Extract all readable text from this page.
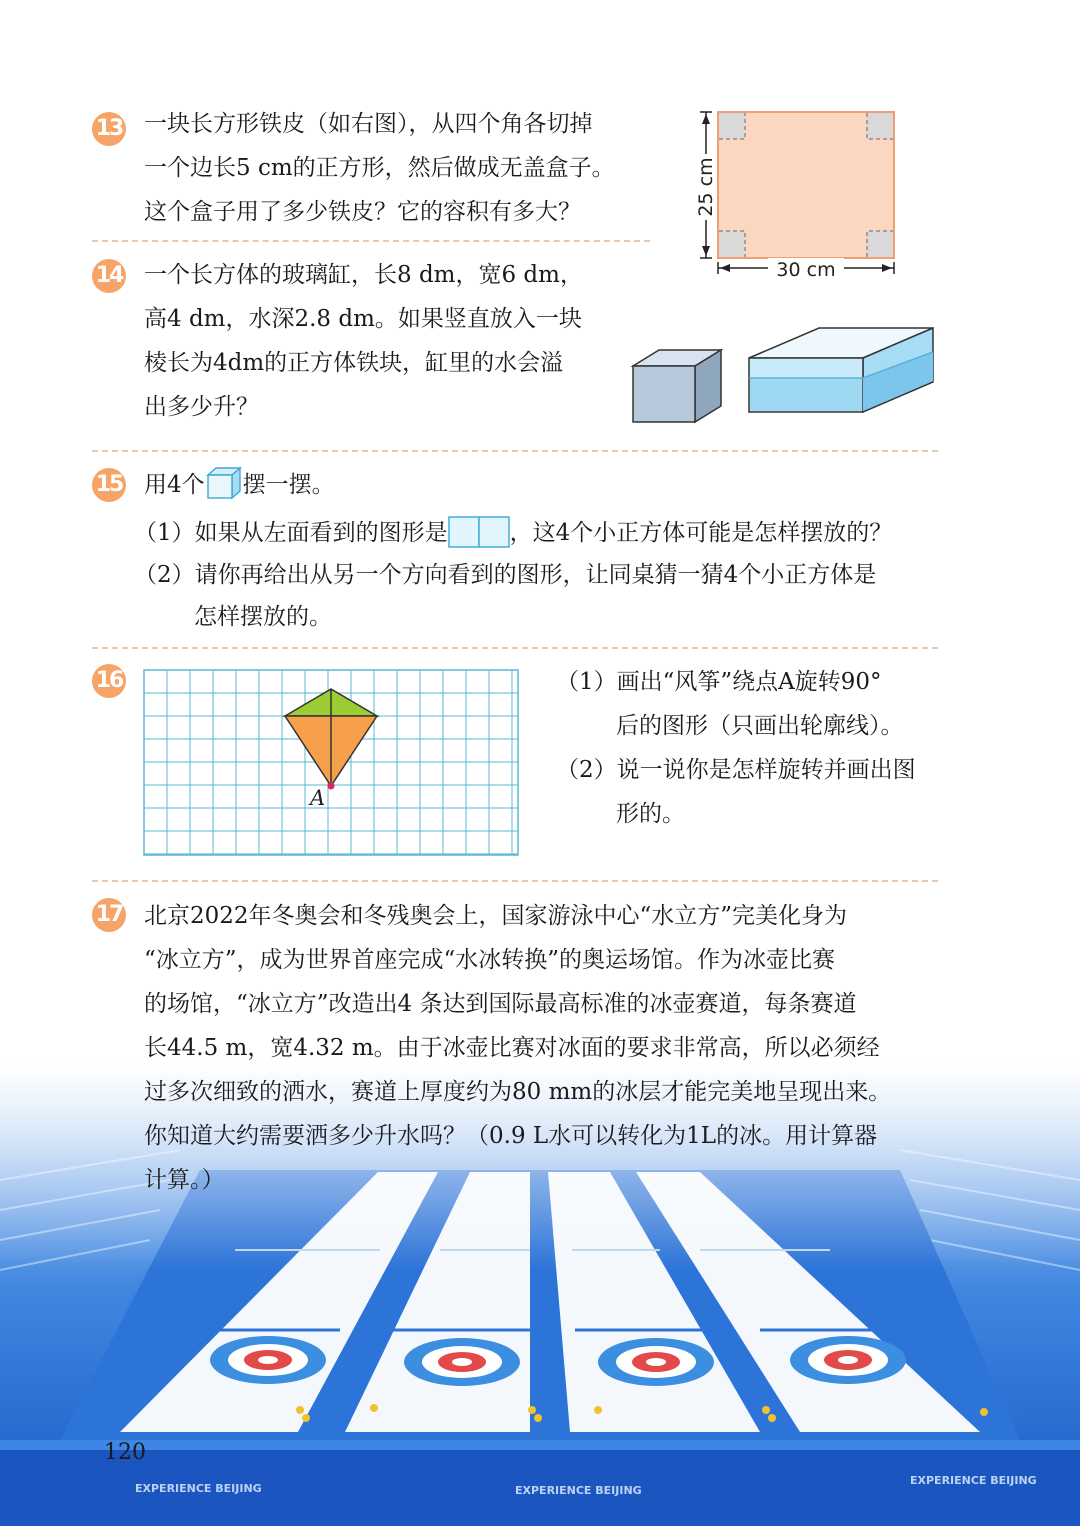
13 一块长方形铁皮（如右图），从四个角各切掉
一个边长5 cm的正方形，然后做成无盖盒子。
这个盒子用了多少铁皮？它的容积有多大？	25 cm
30 cm
14 一个长方体的玻璃缸，长8 dm，宽6 dm，
高4 dm，水深2.8 dm。如果竖直放入一块
棱长为4dm的正方体铁块，缸里的水会溢
出多少升？
15 用4个 摆一摆。
（1）如果从左面看到的图形是	，这4个小正方体可能是怎样摆放的？
（2）请你再给出从另一个方向看到的图形，让同桌猜一猜4个小正方体是
怎样摆放的。
16
A
（1）画出“风筝”绕点A旋转90°
后的图形（只画出轮廓线）。
（2）说一说你是怎样旋转并画出图
形的。
17 北京2022年冬奥会和冬残奥会上，国家游泳中心“水立方”完美化身为
“冰立方”，成为世界首座完成“水冰转换”的奥运场馆。作为冰壶比赛
的场馆，“冰立方”改造出4 条达到国际最高标准的冰壶赛道，每条赛道
长44.5 m，宽4.32 m。由于冰壶比赛对冰面的要求非常高，所以必须经
过多次细致的洒水，赛道上厚度约为80 mm的冰层才能完美地呈现出来。
你知道大约需要洒多少升水吗？（0.9 L水可以转化为1L的冰。用计算器
计算。）
120
EXPERIENCE BEIJING	EXPERIENCE BEIJING
EXPERIENCE BEIJING
